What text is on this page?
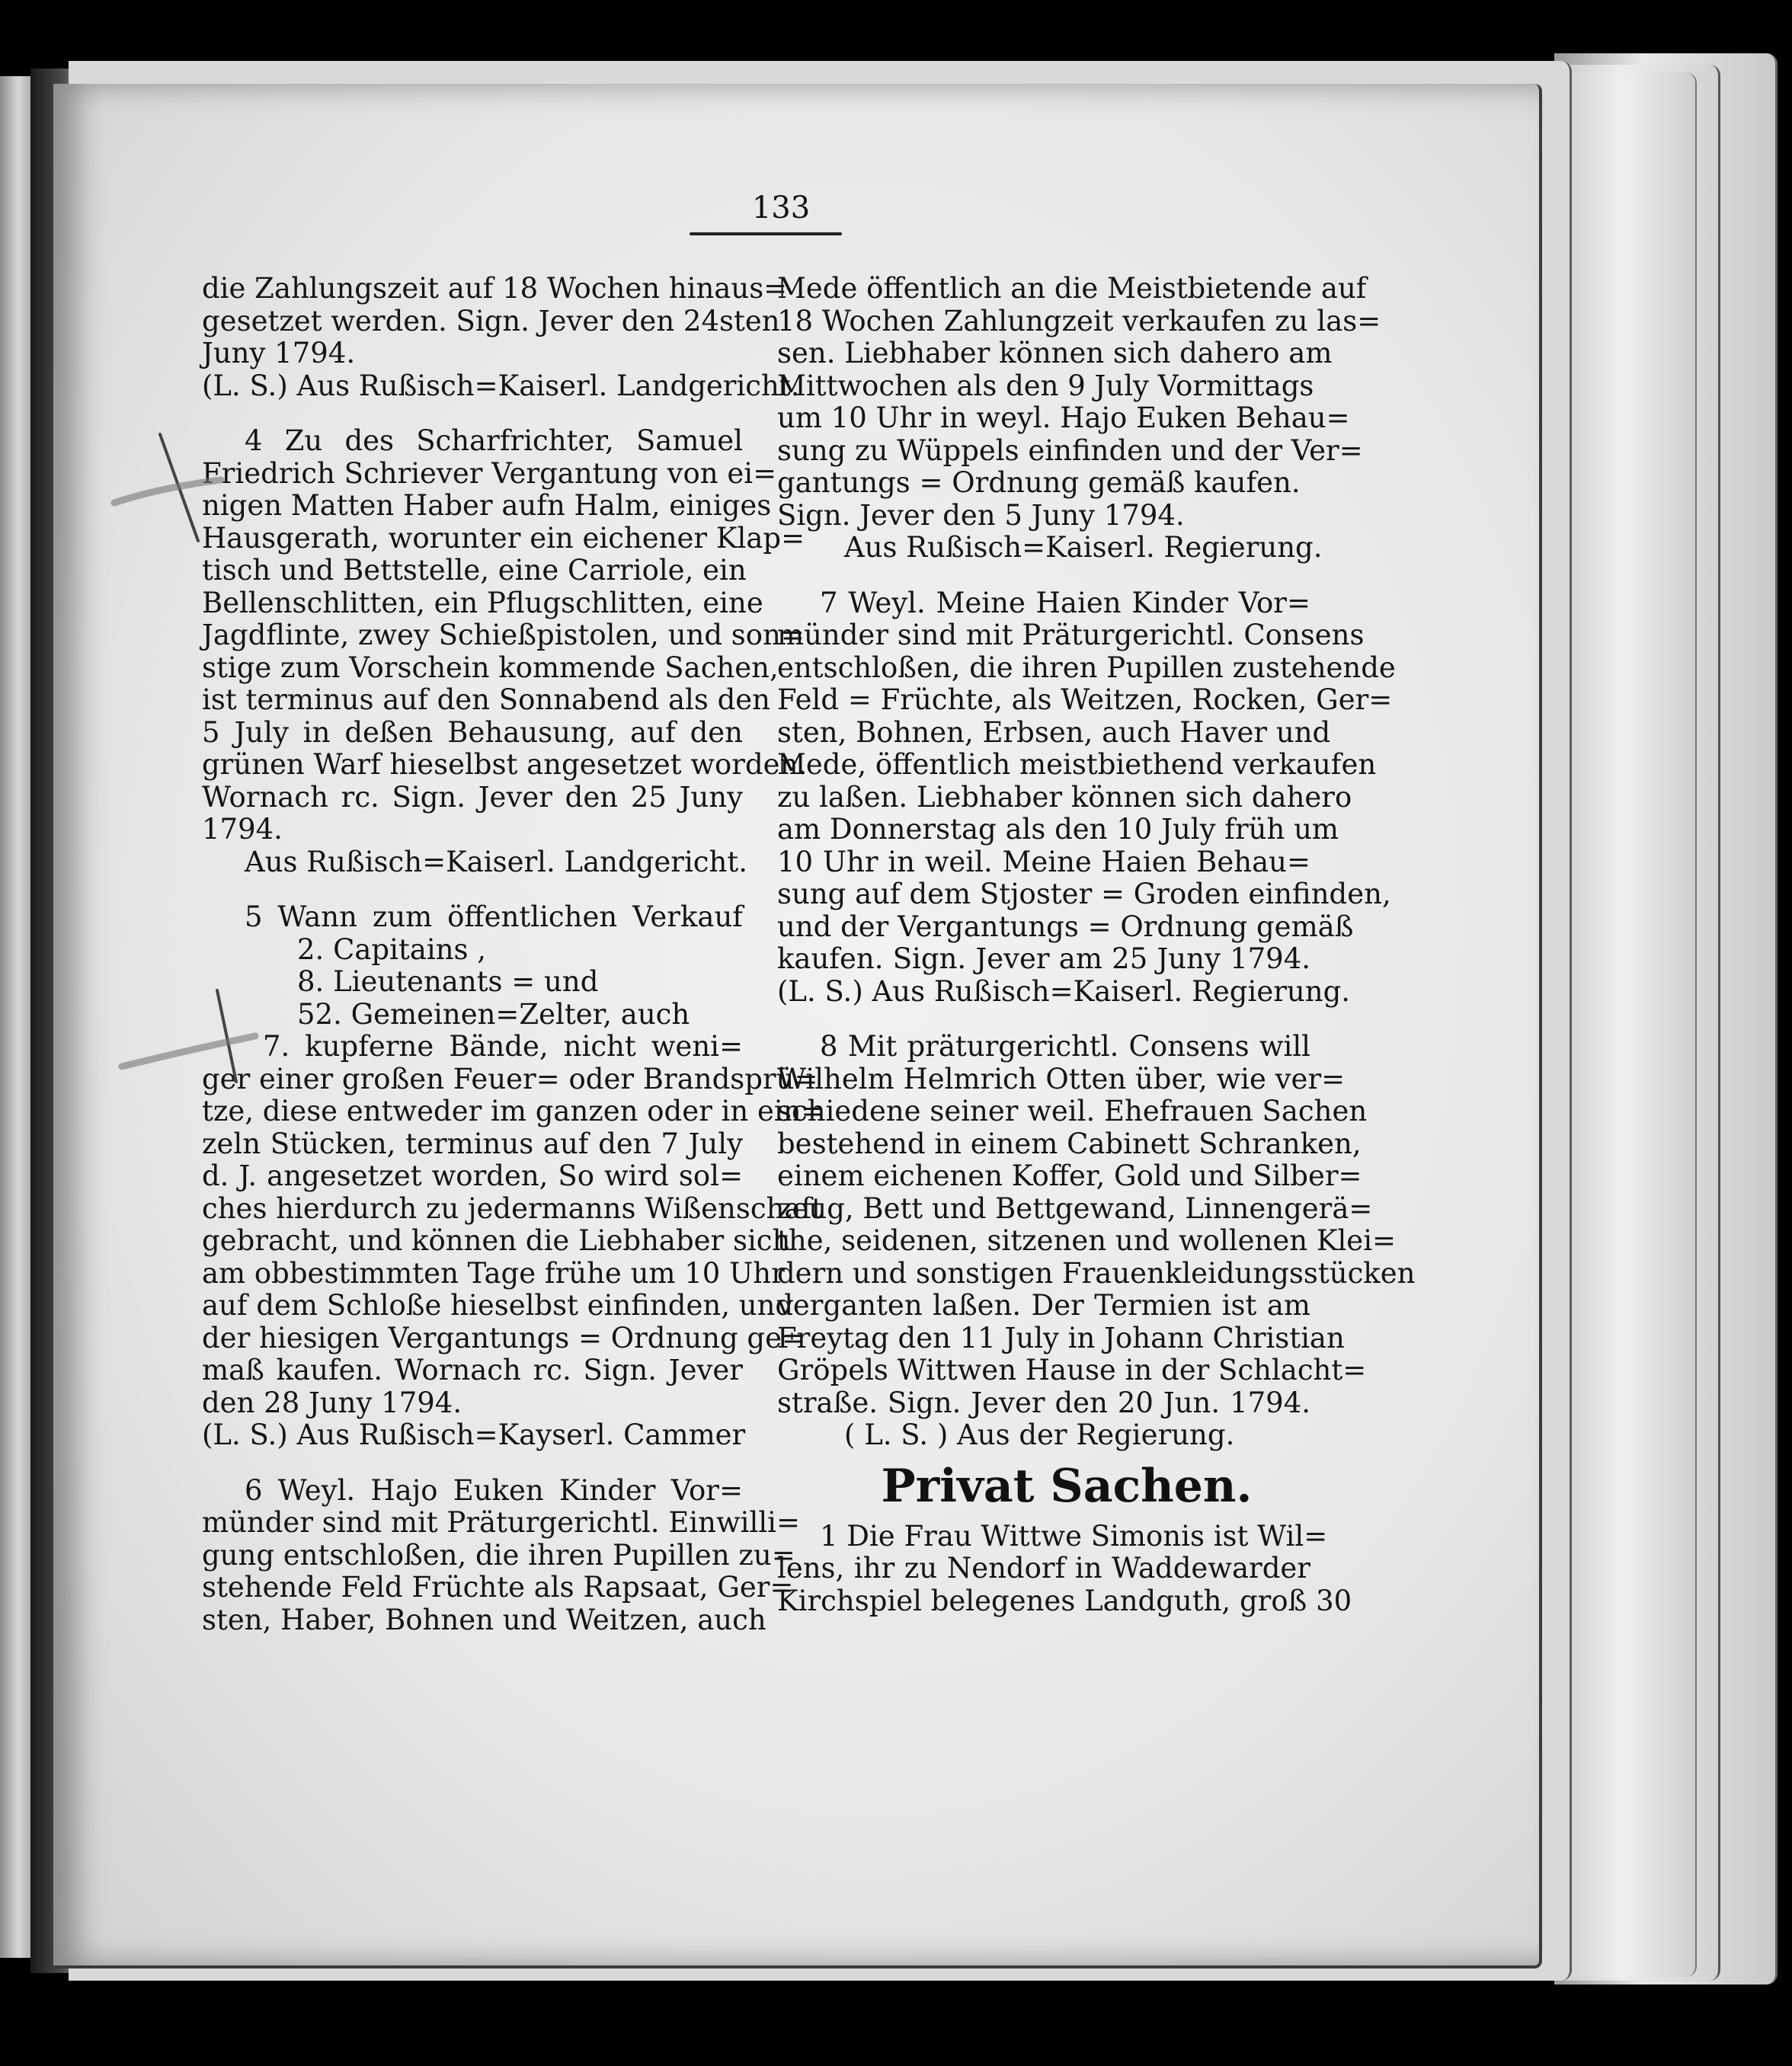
133
die Zahlungszeit auf 18 Wochen hinaus=
gesetzet werden. Sign. Jever den 24sten
Juny 1794.
(L. S.) Aus Rußisch=Kaiserl. Landgericht.
4 Zu des Scharfrichter, Samuel
Friedrich Schriever Vergantung von ei=
nigen Matten Haber aufn Halm, einiges
Hausgerath, worunter ein eichener Klap=
tisch und Bettstelle, eine Carriole, ein
Bellenschlitten, ein Pflugschlitten, eine
Jagdflinte, zwey Schießpistolen, und son=
stige zum Vorschein kommende Sachen,
ist terminus auf den Sonnabend als den
5 July in deßen Behausung, auf den
grünen Warf hieselbst angesetzet worden.
Wornach rc. Sign. Jever den 25 Juny
1794.
Aus Rußisch=Kaiserl. Landgericht.
5 Wann zum öffentlichen Verkauf
2. Capitains ,
8. Lieutenants = und
52. Gemeinen=Zelter, auch
7. kupferne Bände, nicht weni=
ger einer großen Feuer= oder Brandsprü=
tze, diese entweder im ganzen oder in ein=
zeln Stücken, terminus auf den 7 July
d. J. angesetzet worden, So wird sol=
ches hierdurch zu jedermanns Wißenschaft
gebracht, und können die Liebhaber sich
am obbestimmten Tage frühe um 10 Uhr
auf dem Schloße hieselbst einfinden, und
der hiesigen Vergantungs = Ordnung ge=
maß kaufen. Wornach rc. Sign. Jever
den 28 Juny 1794.
(L. S.) Aus Rußisch=Kayserl. Cammer
6 Weyl. Hajo Euken Kinder Vor=
münder sind mit Präturgerichtl. Einwilli=
gung entschloßen, die ihren Pupillen zu=
stehende Feld Früchte als Rapsaat, Ger=
sten, Haber, Bohnen und Weitzen, auch
Mede öffentlich an die Meistbietende auf
18 Wochen Zahlungzeit verkaufen zu las=
sen. Liebhaber können sich dahero am
Mittwochen als den 9 July Vormittags
um 10 Uhr in weyl. Hajo Euken Behau=
sung zu Wüppels einfinden und der Ver=
gantungs = Ordnung gemäß kaufen.
Sign. Jever den 5 Juny 1794.
Aus Rußisch=Kaiserl. Regierung.
7 Weyl. Meine Haien Kinder Vor=
münder sind mit Präturgerichtl. Consens
entschloßen, die ihren Pupillen zustehende
Feld = Früchte, als Weitzen, Rocken, Ger=
sten, Bohnen, Erbsen, auch Haver und
Mede, öffentlich meistbiethend verkaufen
zu laßen. Liebhaber können sich dahero
am Donnerstag als den 10 July früh um
10 Uhr in weil. Meine Haien Behau=
sung auf dem Stjoster = Groden einfinden,
und der Vergantungs = Ordnung gemäß
kaufen. Sign. Jever am 25 Juny 1794.
(L. S.) Aus Rußisch=Kaiserl. Regierung.
8 Mit präturgerichtl. Consens will
Wilhelm Helmrich Otten über, wie ver=
schiedene seiner weil. Ehefrauen Sachen
bestehend in einem Cabinett Schranken,
einem eichenen Koffer, Gold und Silber=
zeug, Bett und Bettgewand, Linnengerä=
the, seidenen, sitzenen und wollenen Klei=
dern und sonstigen Frauenkleidungsstücken
verganten laßen. Der Termien ist am
Freytag den 11 July in Johann Christian
Gröpels Wittwen Hause in der Schlacht=
straße. Sign. Jever den 20 Jun. 1794.
( L. S. ) Aus der Regierung.
Privat Sachen.
1 Die Frau Wittwe Simonis ist Wil=
lens, ihr zu Nendorf in Waddewarder
Kirchspiel belegenes Landguth, groß 30
